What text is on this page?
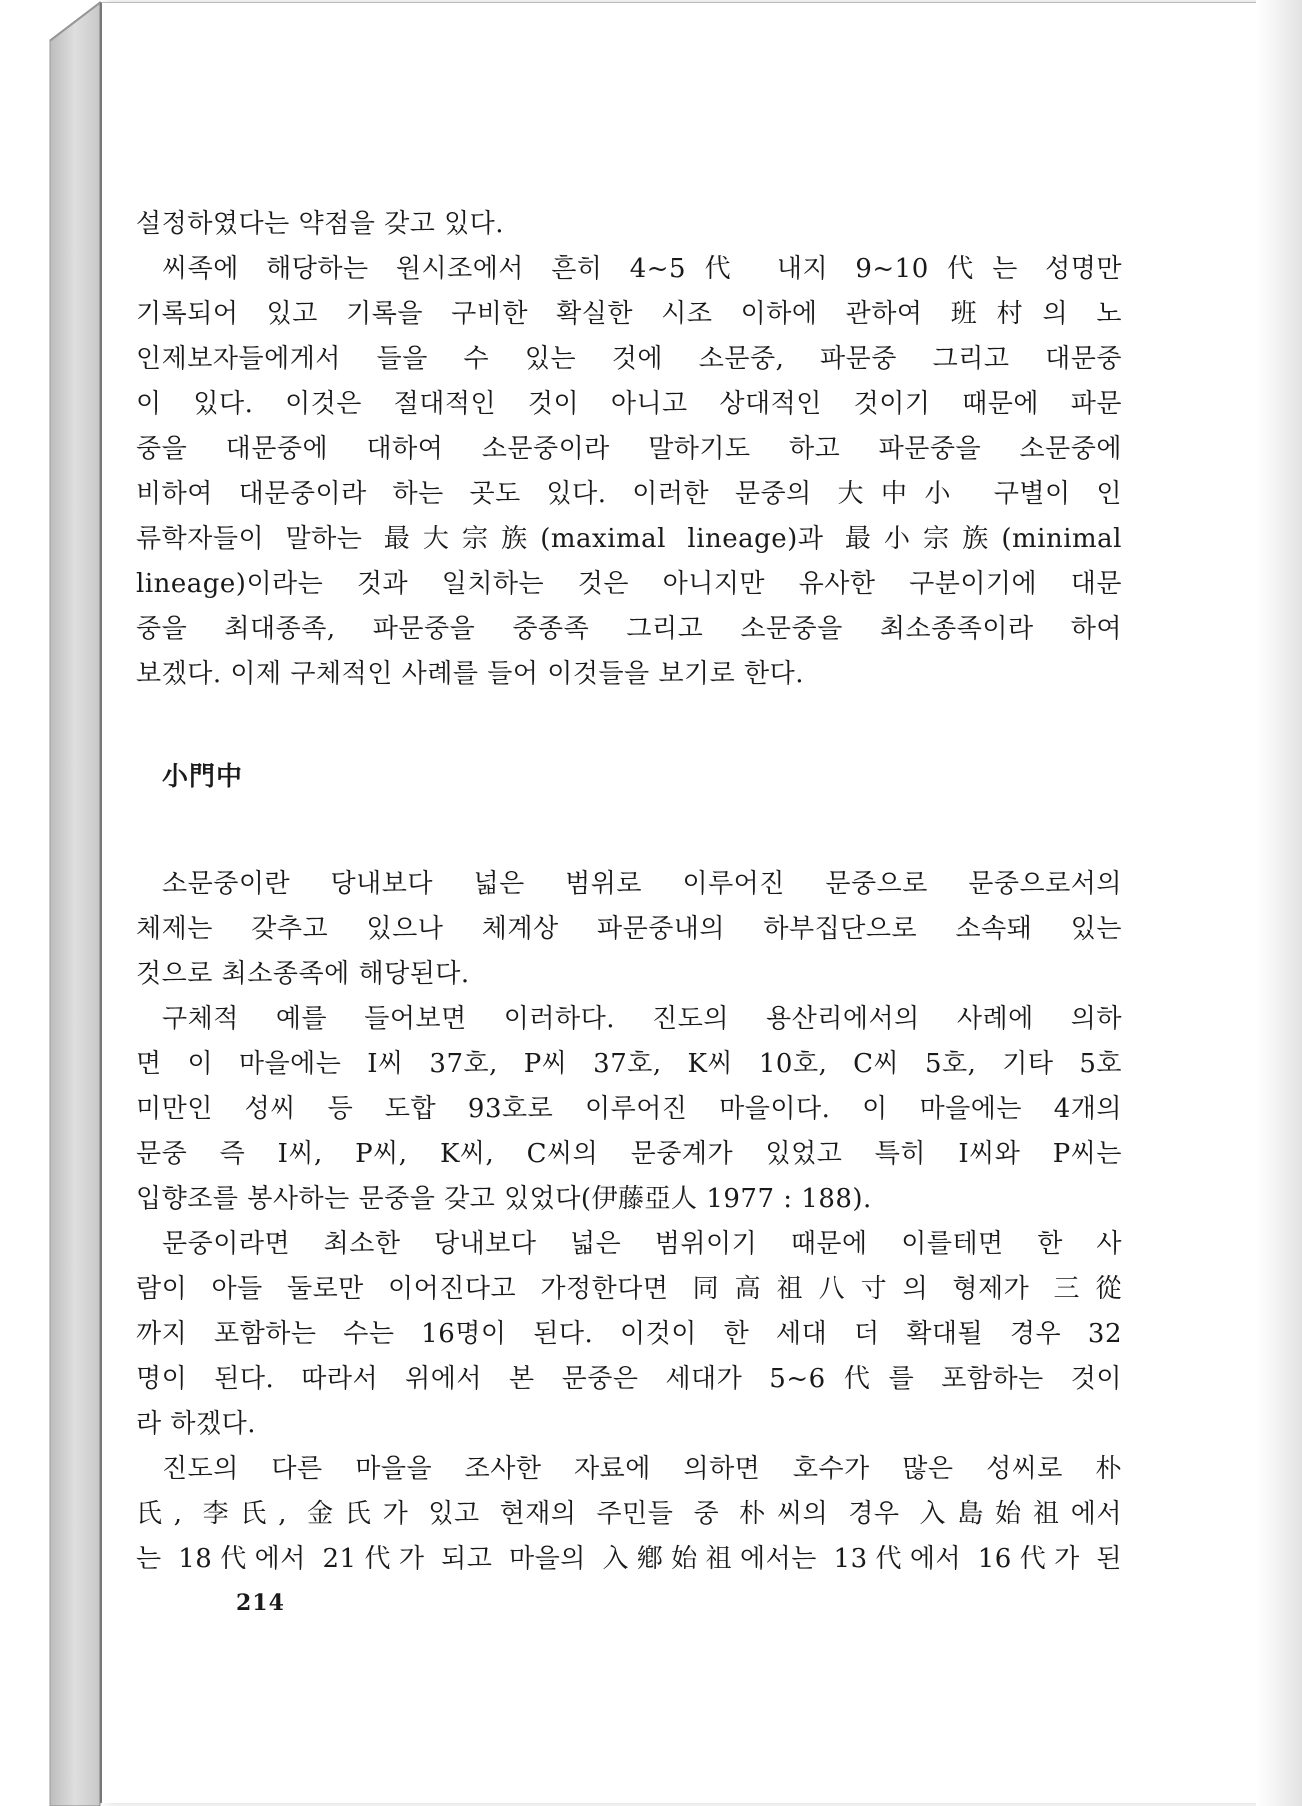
설정하였다는 약점을 갖고 있다.
씨족에 해당하는 원시조에서 흔히 4~5代 내지 9~10代는 성명만
기록되어 있고 기록을 구비한 확실한 시조 이하에 관하여 班村의 노
인제보자들에게서 들을 수 있는 것에 소문중, 파문중 그리고 대문중
이 있다. 이것은 절대적인 것이 아니고 상대적인 것이기 때문에 파문
중을 대문중에 대하여 소문중이라 말하기도 하고 파문중을 소문중에
비하여 대문중이라 하는 곳도 있다. 이러한 문중의 大中小 구별이 인
류학자들이 말하는 最大宗族(maximal lineage)과 最小宗族(minimal
lineage)이라는 것과 일치하는 것은 아니지만 유사한 구분이기에 대문
중을 최대종족, 파문중을 중종족 그리고 소문중을 최소종족이라 하여
보겠다. 이제 구체적인 사례를 들어 이것들을 보기로 한다.
小門中
소문중이란 당내보다 넓은 범위로 이루어진 문중으로 문중으로서의
체제는 갖추고 있으나 체계상 파문중내의 하부집단으로 소속돼 있는
것으로 최소종족에 해당된다.
구체적 예를 들어보면 이러하다. 진도의 용산리에서의 사례에 의하
면 이 마을에는 I씨 37호, P씨 37호, K씨 10호, C씨 5호, 기타 5호
미만인 성씨 등 도합 93호로 이루어진 마을이다. 이 마을에는 4개의
문중 즉 I씨, P씨, K씨, C씨의 문중계가 있었고 특히 I씨와 P씨는
입향조를 봉사하는 문중을 갖고 있었다(伊藤亞人 1977 : 188).
문중이라면 최소한 당내보다 넓은 범위이기 때문에 이를테면 한 사
람이 아들 둘로만 이어진다고 가정한다면 同高祖八寸의 형제가 三從
까지 포함하는 수는 16명이 된다. 이것이 한 세대 더 확대될 경우 32
명이 된다. 따라서 위에서 본 문중은 세대가 5~6代를 포함하는 것이
라 하겠다.
진도의 다른 마을을 조사한 자료에 의하면 호수가 많은 성씨로 朴
氏, 李氏, 金氏가 있고 현재의 주민들 중 朴씨의 경우 入島始祖에서
는 18代에서 21代가 되고 마을의 入鄕始祖에서는 13代에서 16代가 된
214
